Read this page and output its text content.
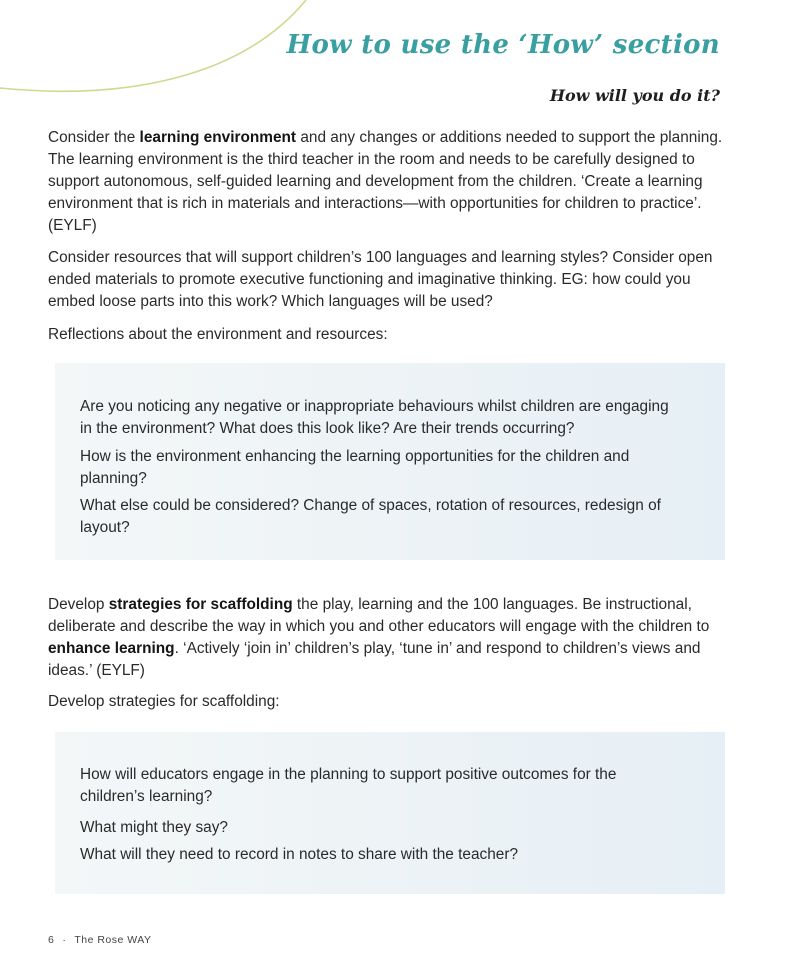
How to use the ‘How’ section
How will you do it?

Consider the learning environment and any changes or additions needed to support the planning. The learning environment is the third teacher in the room and needs to be carefully designed to support autonomous, self-guided learning and development from the children. ‘Create a learning environment that is rich in materials and interactions—with opportunities for children to practice’. (EYLF)

Consider resources that will support children’s 100 languages and learning styles? Consider open ended materials to promote executive functioning and imaginative thinking. EG: how could you embed loose parts into this work? Which languages will be used?

Reflections about the environment and resources:

Are you noticing any negative or inappropriate behaviours whilst children are engaging in the environment? What does this look like? Are their trends occurring?

How is the environment enhancing the learning opportunities for the children and planning?

What else could be considered? Change of spaces, rotation of resources, redesign of layout?

Develop strategies for scaffolding the play, learning and the 100 languages. Be instructional, deliberate and describe the way in which you and other educators will engage with the children to enhance learning. ‘Actively ‘join in’ children’s play, ‘tune in’ and respond to children’s views and ideas.’ (EYLF)

Develop strategies for scaffolding:

How will educators engage in the planning to support positive outcomes for the children’s learning?

What might they say?

What will they need to record in notes to share with the teacher?

6 · The Rose WAY
